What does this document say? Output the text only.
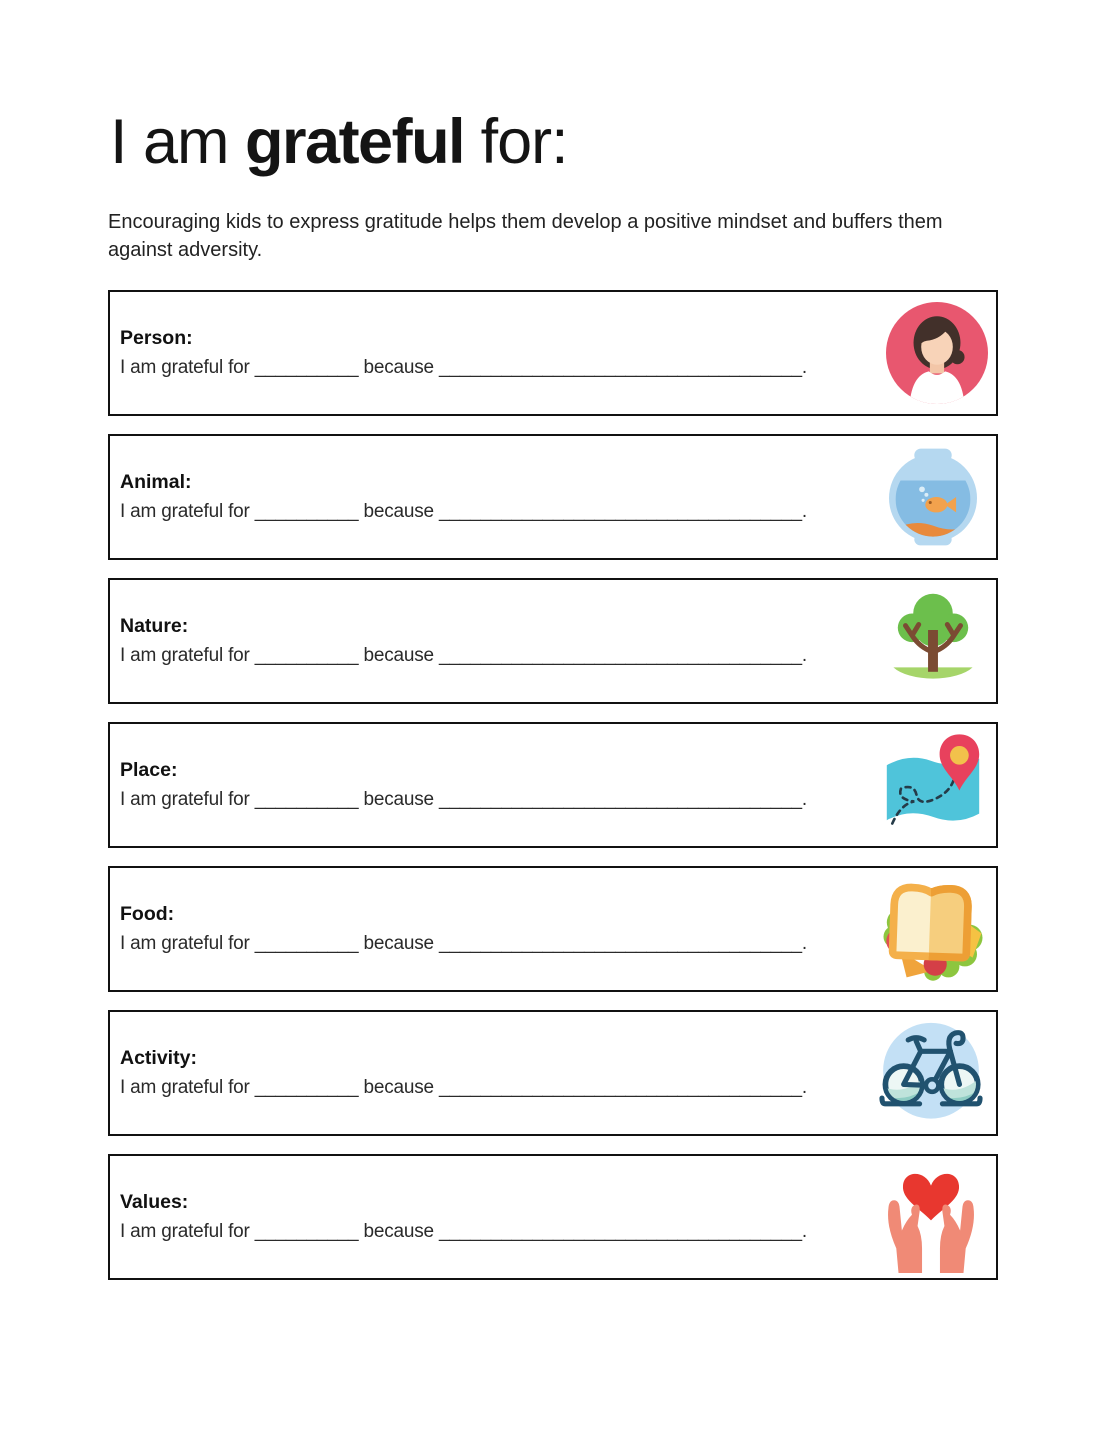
I am grateful for:
Encouraging kids to express gratitude helps them develop a positive mindset and buffers them against adversity.
Person:
I am grateful for __________ because ___________________________________.
Animal:
I am grateful for __________ because ___________________________________.
Nature:
I am grateful for __________ because ___________________________________.
Place:
I am grateful for __________ because ___________________________________.
Food:
I am grateful for __________ because ___________________________________.
Activity:
I am grateful for __________ because ___________________________________.
Values:
I am grateful for __________ because ___________________________________.
